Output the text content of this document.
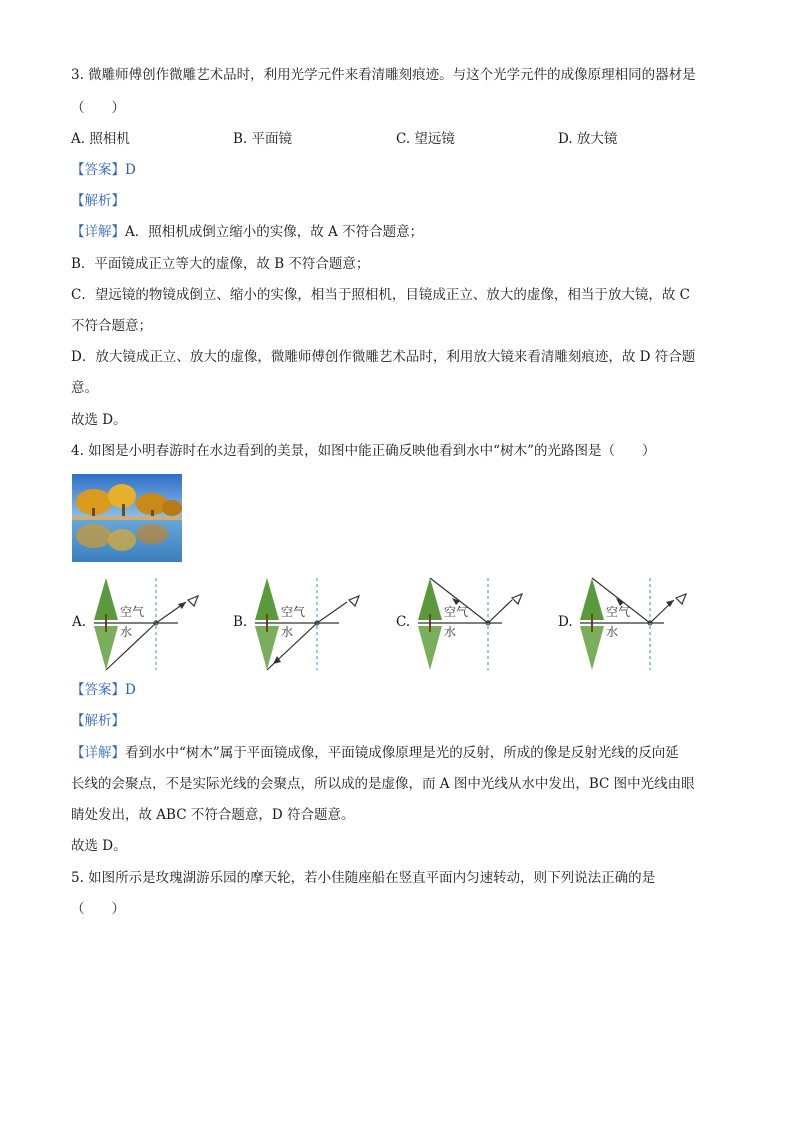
3. 微雕师傅创作微雕艺术品时，利用光学元件来看清雕刻痕迹。与这个光学元件的成像原理相同的器材是
（　　）
A. 照相机	B. 平面镜	C. 望远镜	D. 放大镜
【答案】D
【解析】
【详解】A．照相机成倒立缩小的实像，故 A 不符合题意；
B．平面镜成正立等大的虚像，故 B 不符合题意；
C．望远镜的物镜成倒立、缩小的实像，相当于照相机，目镜成正立、放大的虚像，相当于放大镜，故 C
不符合题意；
D．放大镜成正立、放大的虚像，微雕师傅创作微雕艺术品时，利用放大镜来看清雕刻痕迹，故 D 符合题
意。
故选 D。
4. 如图是小明春游时在水边看到的美景，如图中能正确反映他看到水中“树木”的光路图是（　　）
A.
空气
水
B.
空气
水
C.
空气
水
D.
空气
水
【答案】D
【解析】
【详解】看到水中“树木”属于平面镜成像，平面镜成像原理是光的反射，所成的像是反射光线的反向延
长线的会聚点，不是实际光线的会聚点，所以成的是虚像，而 A 图中光线从水中发出，BC 图中光线由眼
睛处发出，故 ABC 不符合题意，D 符合题意。
故选 D。
5. 如图所示是玫瑰湖游乐园的摩天轮，若小佳随座船在竖直平面内匀速转动，则下列说法正确的是
（　　）
